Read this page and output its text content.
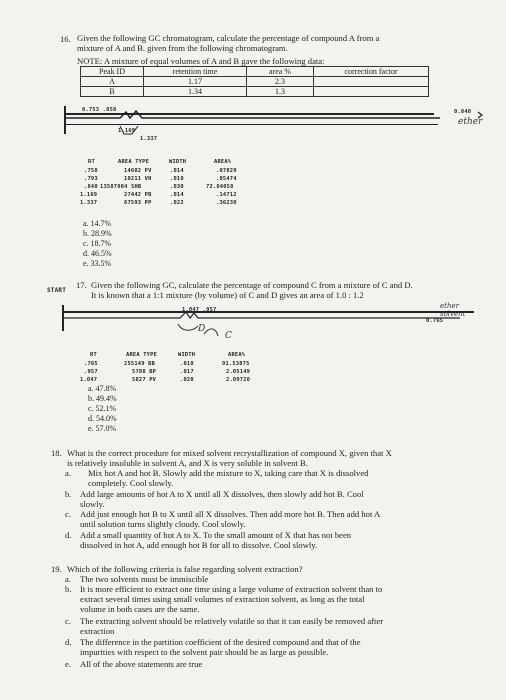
16. Given the following GC chromatogram, calculate the percentage of compound A from a
mixture of A and B. given from the following chromatogram.
NOTE: A mixture of equal volumes of A and B gave the following data:
Peak ID	retention time	area %	correction factor
A	1.17	2.3	
B	1.34	1.3	
0.753 .858	0.840
ether
1.169
1.337
RT	AREA TYPE	WIDTH	AREA%
.758	14682 PV	.014	.07829
.793	10211 VH	.010	.05474
.840 13587904 SHB	.030	72.84058
1.169	27442 PB	.014	.14712
1.337	67593 PP	.022	.36230
a. 14.7%
b. 28.9%
c. 18.7%
d. 46.5%
e. 33.5%
START
17. Given the following GC, calculate the percentage of compound C from a mixture of C and D.
It is known that a 1:1 mixture (by volume) of C and D gives an area of 1.0 : 1.2
1.047 .957
0.765
D
C
ether solvent
RT	AREA TYPE	WIDTH	AREA%
.765	255149 BB	.010	91.53875
.957	5788 BP	.017	2.05149
1.047	5827 PV	.020	2.09720
a. 47.8%
b. 49.4%
c. 52.1%
d. 54.0%
e. 57.0%
18. What is the correct procedure for mixed solvent recrystallization of compound X, given that X
is relatively insoluble in solvent A, and X is very soluble in solvent B.
a. Mix hot A and hot B. Slowly add the mixture to X, taking care that X is dissolved
completely. Cool slowly.
b. Add large amounts of hot A to X until all X dissolves, then slowly add hot B. Cool
slowly.
c. Add just enough hot B to X until all X dissolves. Then add more hot B. Then add hot A
until solution turns slightly cloudy. Cool slowly.
d. Add a small quantity of hot A to X. To the small amount of X that has not been
dissolved in hot A, add enough hot B for all to dissolve. Cool slowly.
19. Which of the following criteria is false regarding solvent extraction?
a. The two solvents must be immiscible
b. It is more efficient to extract one time using a large volume of extraction solvent than to
extract several times using small volumes of extraction solvent, as long as the total
volume in both cases are the same.
c. The extracting solvent should be relatively volatile so that it can easily be removed after
extraction
d. The difference in the partition coefficient of the desired compound and that of the
impurities with respect to the solvent pair should be as large as possible.
e. All of the above statements are true
